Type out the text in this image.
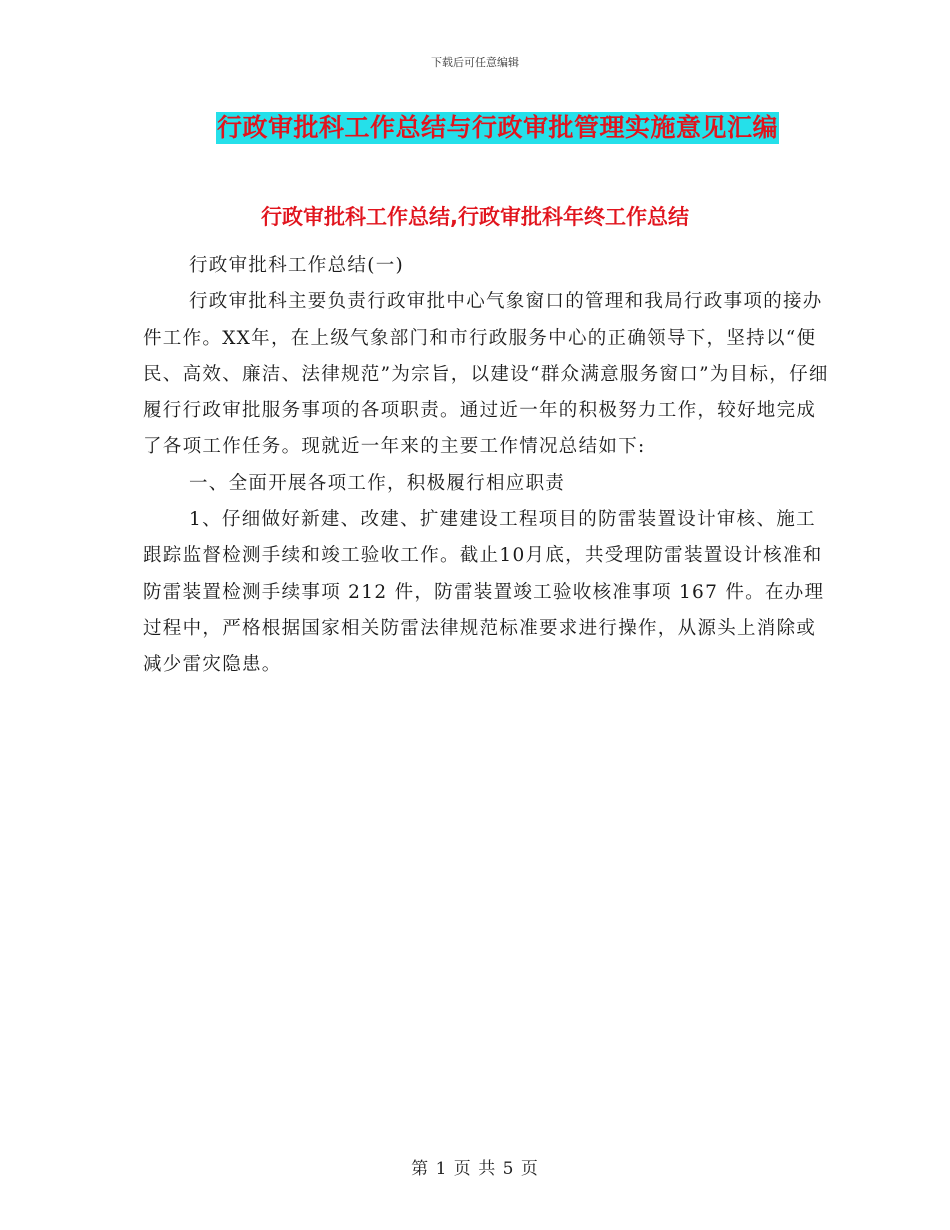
下载后可任意编辑
行政审批科工作总结与行政审批管理实施意见汇编
行政审批科工作总结,行政审批科年终工作总结

行政审批科工作总结(一)

行政审批科主要负责行政审批中心气象窗口的管理和我局行政事项的接办件工作。XX年，在上级气象部门和市行政服务中心的正确领导下，坚持以“便民、高效、廉洁、法律规范”为宗旨，以建设“群众满意服务窗口”为目标，仔细履行行政审批服务事项的各项职责。通过近一年的积极努力工作，较好地完成了各项工作任务。现就近一年来的主要工作情况总结如下:

一、全面开展各项工作，积极履行相应职责

1、仔细做好新建、改建、扩建建设工程项目的防雷装置设计审核、施工跟踪监督检测手续和竣工验收工作。截止10月底，共受理防雷装置设计核准和防雷装置检测手续事项 212 件，防雷装置竣工验收核准事项 167 件。在办理过程中，严格根据国家相关防雷法律规范标准要求进行操作，从源头上消除或减少雷灾隐患。

第 1 页 共 5 页
